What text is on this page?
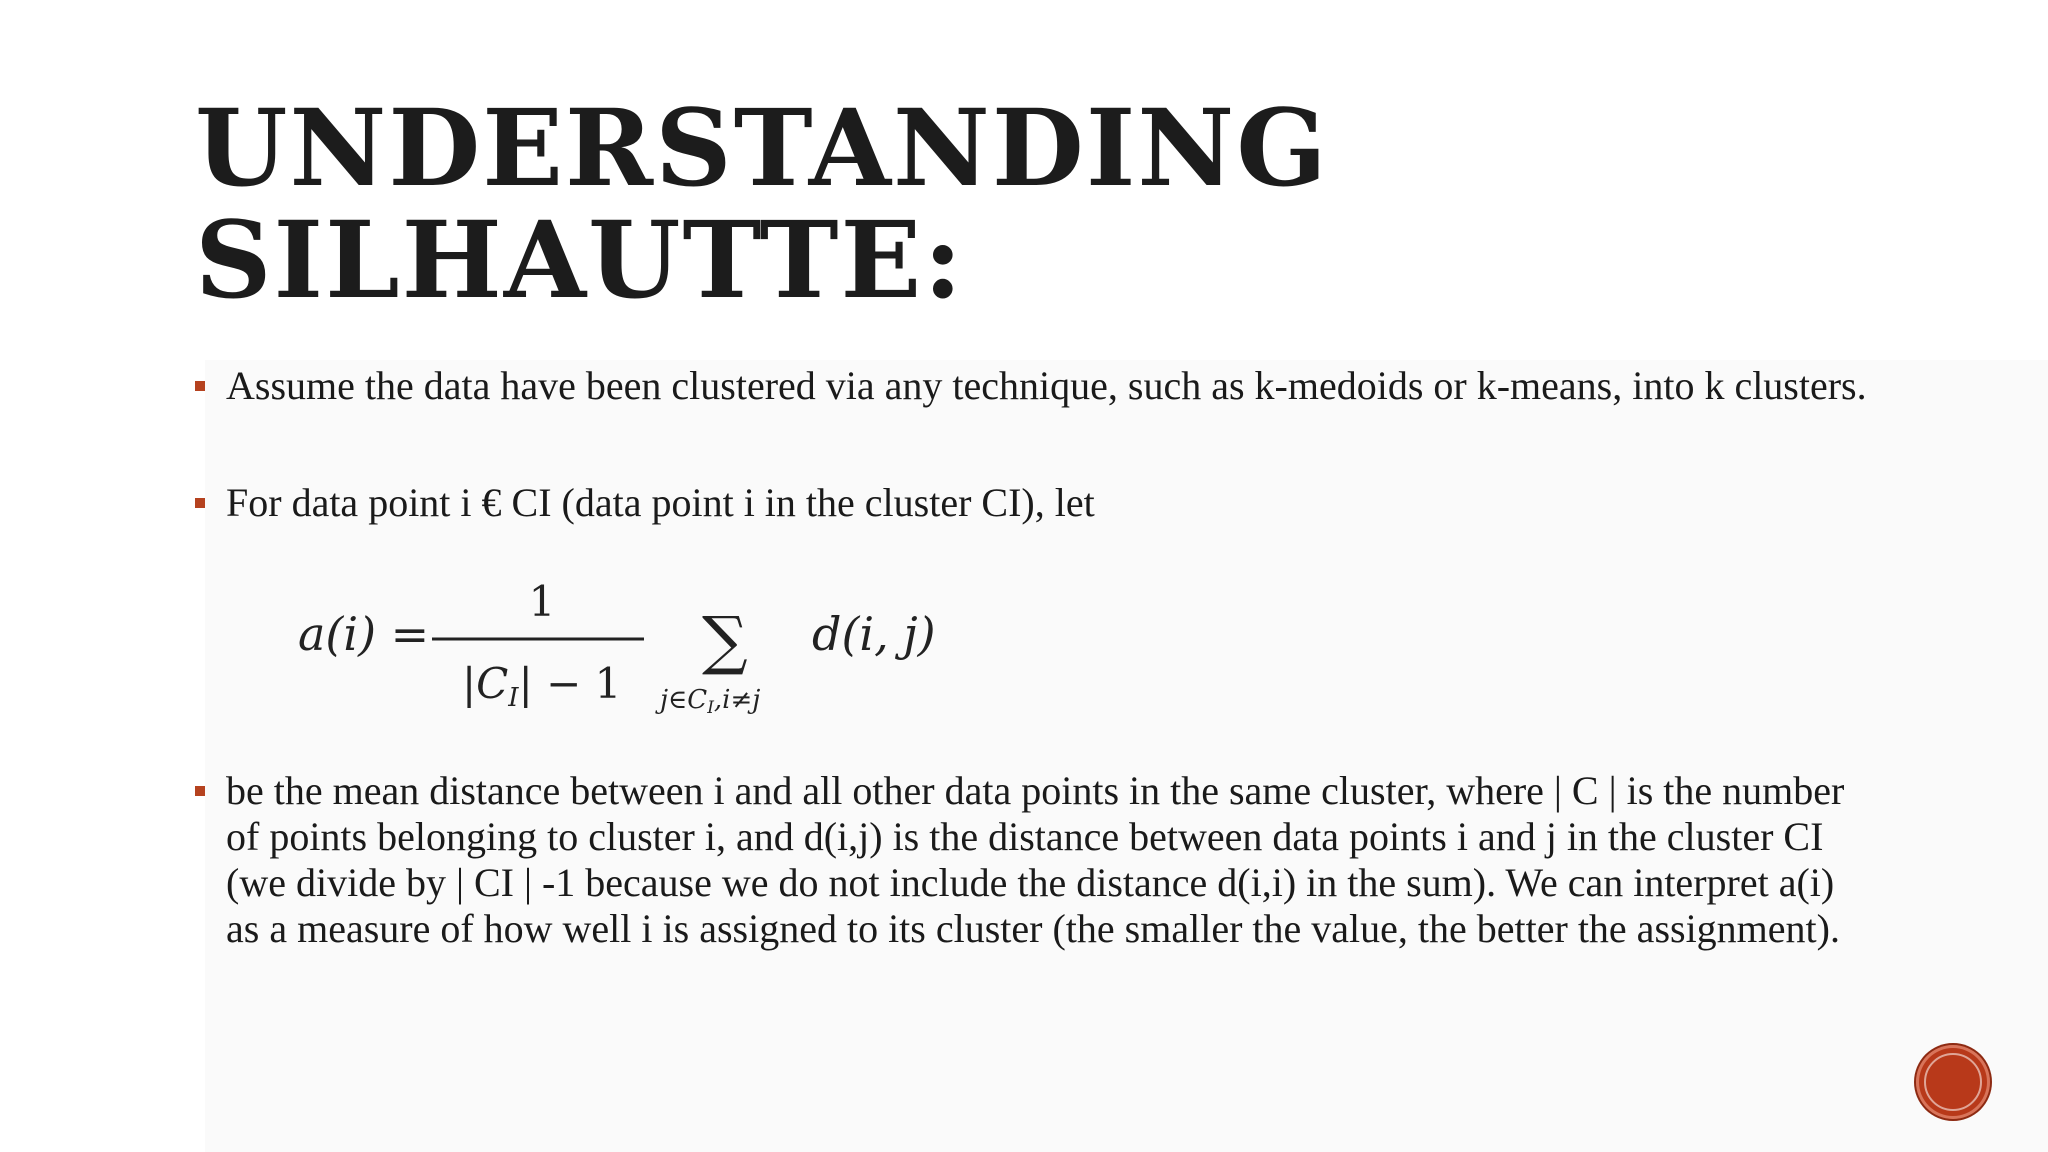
UNDERSTANDING
SILHAUTTE:
Assume the data have been clustered via any technique, such as k-medoids or k-means, into k clusters.
For data point i € CI (data point i in the cluster CI), let
a(i) =
1
|CI| − 1
∑
j∈CI,i≠j
d(i, j)
be the mean distance between i and all other data points in the same cluster, where | C | is the number of points belonging to cluster i, and d(i,j) is the distance between data points i and j in the cluster CI (we divide by | CI | -1 because we do not include the distance d(i,i) in the sum). We can interpret a(i) as a measure of how well i is assigned to its cluster (the smaller the value, the better the assignment).
